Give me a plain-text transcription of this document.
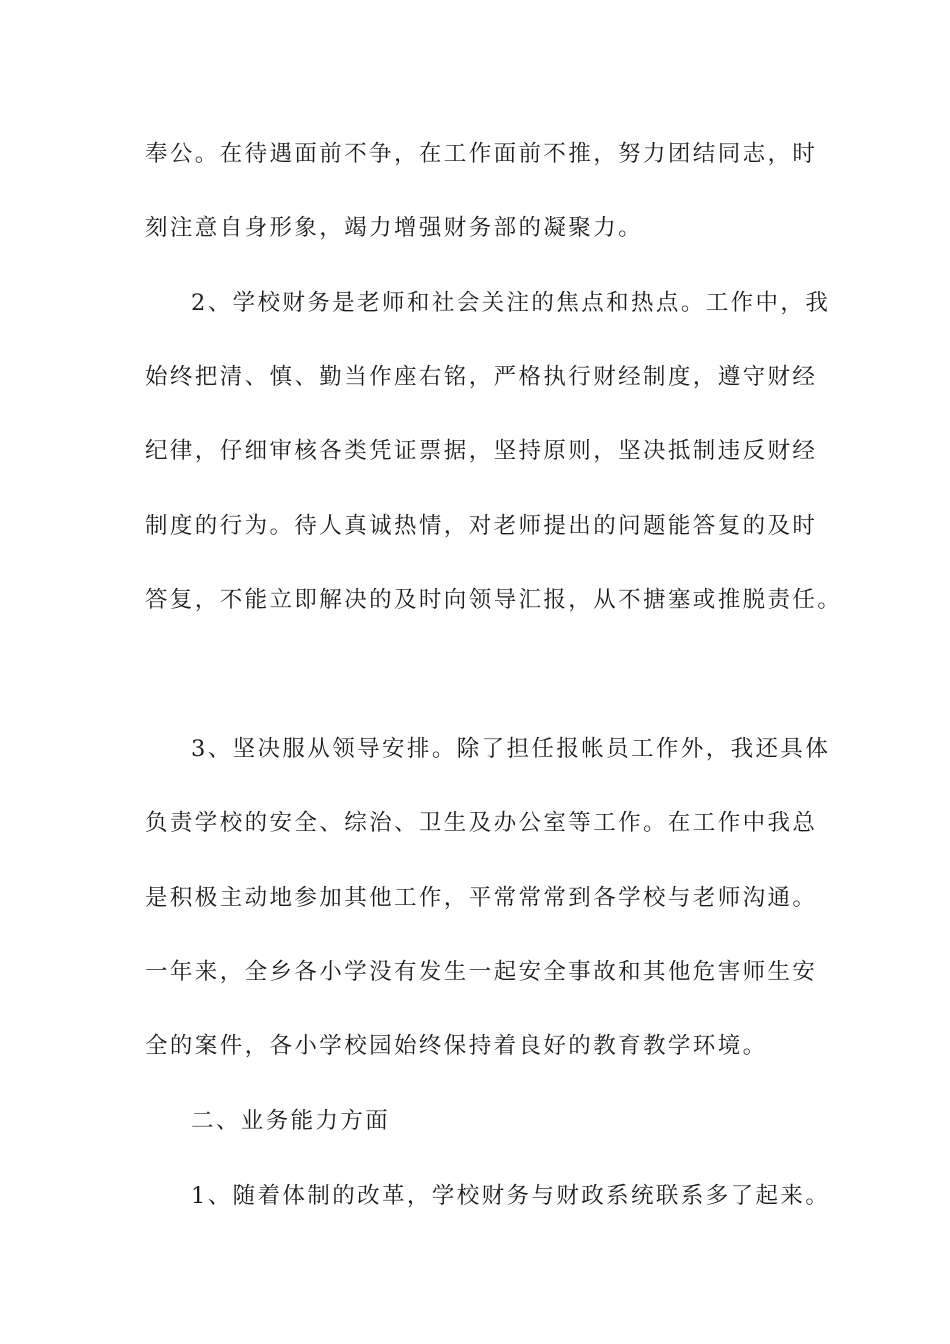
奉公。在待遇面前不争，在工作面前不推，努力团结同志，时
刻注意自身形象，竭力增强财务部的凝聚力。
2、学校财务是老师和社会关注的焦点和热点。工作中，我
始终把清、慎、勤当作座右铭，严格执行财经制度，遵守财经
纪律，仔细审核各类凭证票据，坚持原则，坚决抵制违反财经
制度的行为。待人真诚热情，对老师提出的问题能答复的及时
答复，不能立即解决的及时向领导汇报，从不搪塞或推脱责任。
3、坚决服从领导安排。除了担任报帐员工作外，我还具体
负责学校的安全、综治、卫生及办公室等工作。在工作中我总
是积极主动地参加其他工作，平常常常到各学校与老师沟通。
一年来，全乡各小学没有发生一起安全事故和其他危害师生安
全的案件，各小学校园始终保持着良好的教育教学环境。
二、业务能力方面
1、随着体制的改革，学校财务与财政系统联系多了起来。
